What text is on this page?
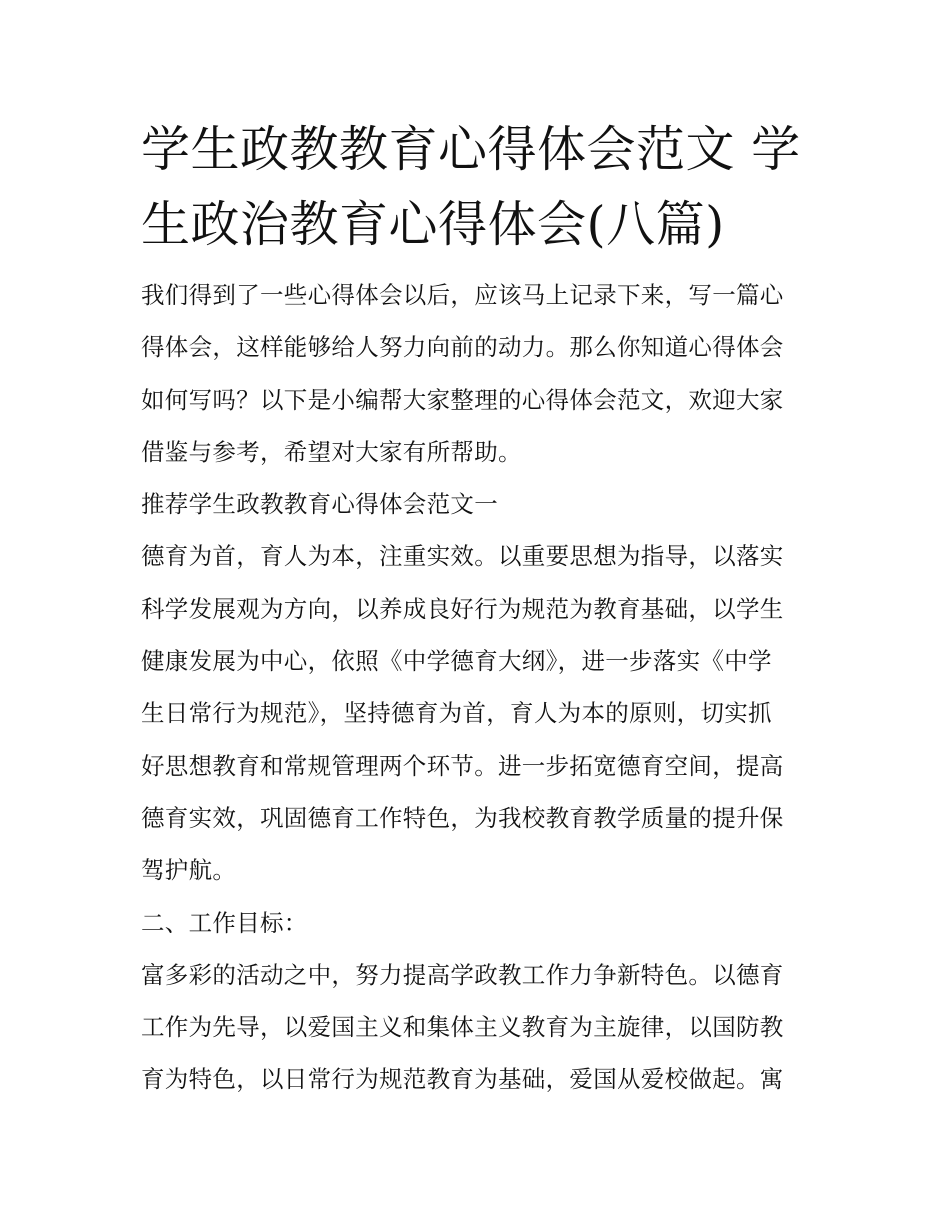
学生政教教育心得体会范文 学
生政治教育心得体会(八篇)
我们得到了一些心得体会以后，应该马上记录下来，写一篇心
得体会，这样能够给人努力向前的动力。那么你知道心得体会
如何写吗？以下是小编帮大家整理的心得体会范文，欢迎大家
借鉴与参考，希望对大家有所帮助。
推荐学生政教教育心得体会范文一
德育为首，育人为本，注重实效。以重要思想为指导，以落实
科学发展观为方向，以养成良好行为规范为教育基础，以学生
健康发展为中心，依照《中学德育大纲》，进一步落实《中学
生日常行为规范》，坚持德育为首，育人为本的原则，切实抓
好思想教育和常规管理两个环节。进一步拓宽德育空间，提高
德育实效，巩固德育工作特色，为我校教育教学质量的提升保
驾护航。
二、工作目标：
富多彩的活动之中，努力提高学政教工作力争新特色。以德育
工作为先导，以爱国主义和集体主义教育为主旋律，以国防教
育为特色，以日常行为规范教育为基础，爱国从爱校做起。寓
